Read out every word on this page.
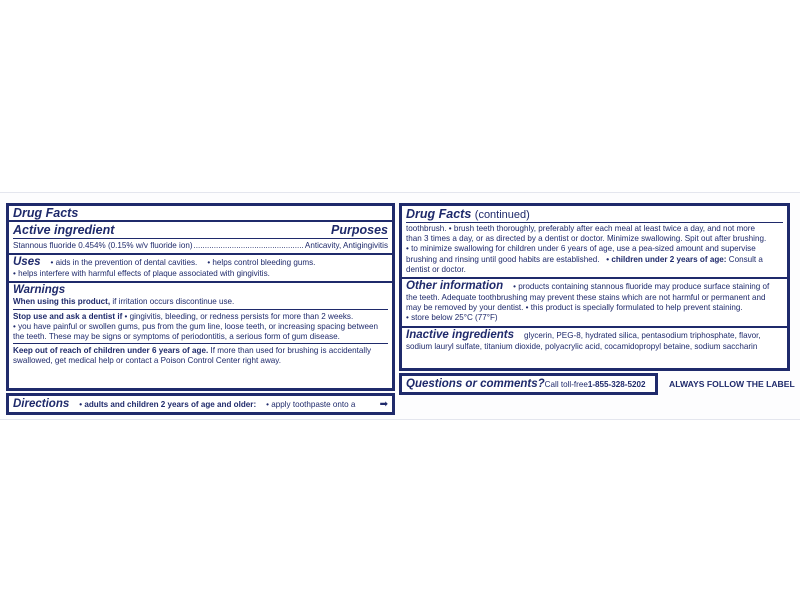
Drug Facts
Active ingredient	Purposes
Stannous fluoride 0.454% (0.15% w/v fluoride ion)
.....	Anticavity, Antigingivitis
Uses • aids in the prevention of dental cavities. • helps control bleeding gums.
• helps interfere with harmful effects of plaque associated with gingivitis.
Warnings
When using this product, if irritation occurs discontinue use.
Stop use and ask a dentist if • gingivitis, bleeding, or redness persists for more than 2 weeks.
• you have painful or swollen gums, pus from the gum line, loose teeth, or increasing spacing between
the teeth. These may be signs or symptoms of periodontitis, a serious form of gum disease.
Keep out of reach of children under 6 years of age. If more than used for brushing is accidentally
swallowed, get medical help or contact a Poison Control Center right away.
Directions • adults and children 2 years of age and older: • apply toothpaste onto a ➡
Drug Facts (continued)
toothbrush. • brush teeth thoroughly, preferably after each meal at least twice a day, and not more
than 3 times a day, or as directed by a dentist or doctor. Minimize swallowing. Spit out after brushing.
• to minimize swallowing for children under 6 years of age, use a pea-sized amount and supervise
brushing and rinsing until good habits are established. • children under 2 years of age: Consult a
dentist or doctor.
Other information • products containing stannous fluoride may produce surface staining of
the teeth. Adequate toothbrushing may prevent these stains which are not harmful or permanent and
may be removed by your dentist. • this product is specially formulated to help prevent staining.
• store below 25°C (77°F)
Inactive ingredients glycerin, PEG-8, hydrated silica, pentasodium triphosphate, flavor,
sodium lauryl sulfate, titanium dioxide, polyacrylic acid, cocamidopropyl betaine, sodium saccharin
Questions or comments? Call toll-free 1-855-328-5202	ALWAYS FOLLOW THE LABEL
